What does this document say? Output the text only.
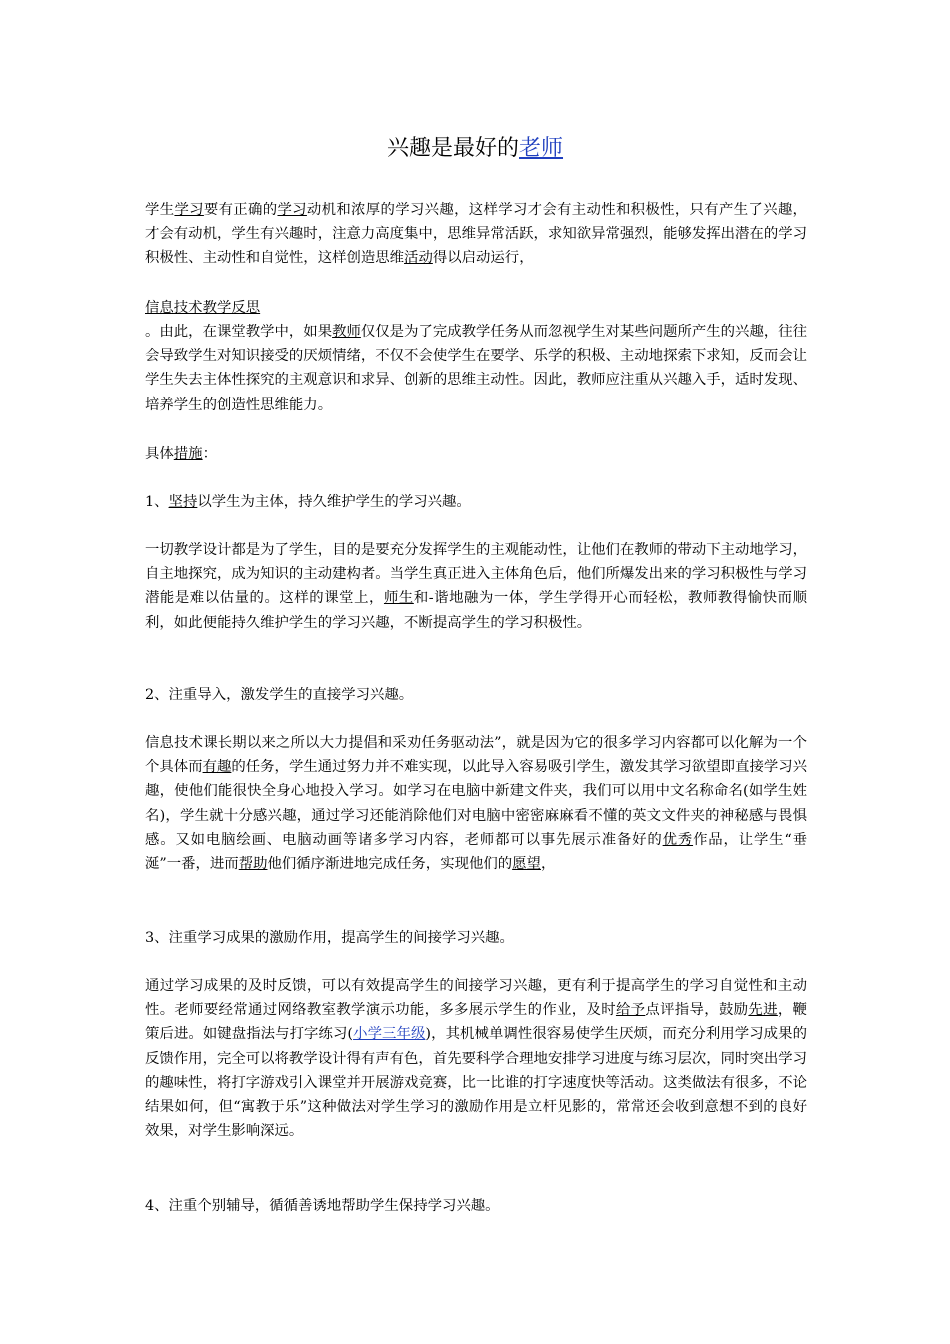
兴趣是最好的老师

学生学习要有正确的学习动机和浓厚的学习兴趣，这样学习才会有主动性和积极性，只有产生了兴趣，才会有动机，学生有兴趣时，注意力高度集中，思维异常活跃，求知欲异常强烈，能够发挥出潜在的学习积极性、主动性和自觉性，这样创造思维活动得以启动运行，

信息技术教学反思

。由此，在课堂教学中，如果教师仅仅是为了完成教学任务从而忽视学生对某些问题所产生的兴趣，往往会导致学生对知识接受的厌烦情绪，不仅不会使学生在要学、乐学的积极、主动地探索下求知，反而会让学生失去主体性探究的主观意识和求异、创新的思维主动性。因此，教师应注重从兴趣入手，适时发现、培养学生的创造性思维能力。

具体措施：

1、坚持以学生为主体，持久维护学生的学习兴趣。

一切教学设计都是为了学生，目的是要充分发挥学生的主观能动性，让他们在教师的带动下主动地学习，自主地探究，成为知识的主动建构者。当学生真正进入主体角色后，他们所爆发出来的学习积极性与学习潜能是难以估量的。这样的课堂上，师生和-谐地融为一体，学生学得开心而轻松，教师教得愉快而顺利，如此便能持久维护学生的学习兴趣，不断提高学生的学习积极性。

2、注重导入，激发学生的直接学习兴趣。

信息技术课长期以来之所以大力提倡和采劝任务驱动法”，就是因为它的很多学习内容都可以化解为一个个具体而有趣的任务，学生通过努力并不难实现，以此导入容易吸引学生，激发其学习欲望即直接学习兴趣，使他们能很快全身心地投入学习。如学习在电脑中新建文件夹，我们可以用中文名称命名(如学生姓名)，学生就十分感兴趣，通过学习还能消除他们对电脑中密密麻麻看不懂的英文文件夹的神秘感与畏惧感。又如电脑绘画、电脑动画等诸多学习内容，老师都可以事先展示准备好的优秀作品，让学生“垂涎”一番，进而帮助他们循序渐进地完成任务，实现他们的愿望，

3、注重学习成果的激励作用，提高学生的间接学习兴趣。

通过学习成果的及时反馈，可以有效提高学生的间接学习兴趣，更有利于提高学生的学习自觉性和主动性。老师要经常通过网络教室教学演示功能，多多展示学生的作业，及时给予点评指导，鼓励先进，鞭策后进。如键盘指法与打字练习(小学三年级)，其机械单调性很容易使学生厌烦，而充分利用学习成果的反馈作用，完全可以将教学设计得有声有色，首先要科学合理地安排学习进度与练习层次，同时突出学习的趣味性，将打字游戏引入课堂并开展游戏竞赛，比一比谁的打字速度快等活动。这类做法有很多，不论结果如何，但“寓教于乐”这种做法对学生学习的激励作用是立杆见影的，常常还会收到意想不到的良好效果，对学生影响深远。

4、注重个别辅导，循循善诱地帮助学生保持学习兴趣。
